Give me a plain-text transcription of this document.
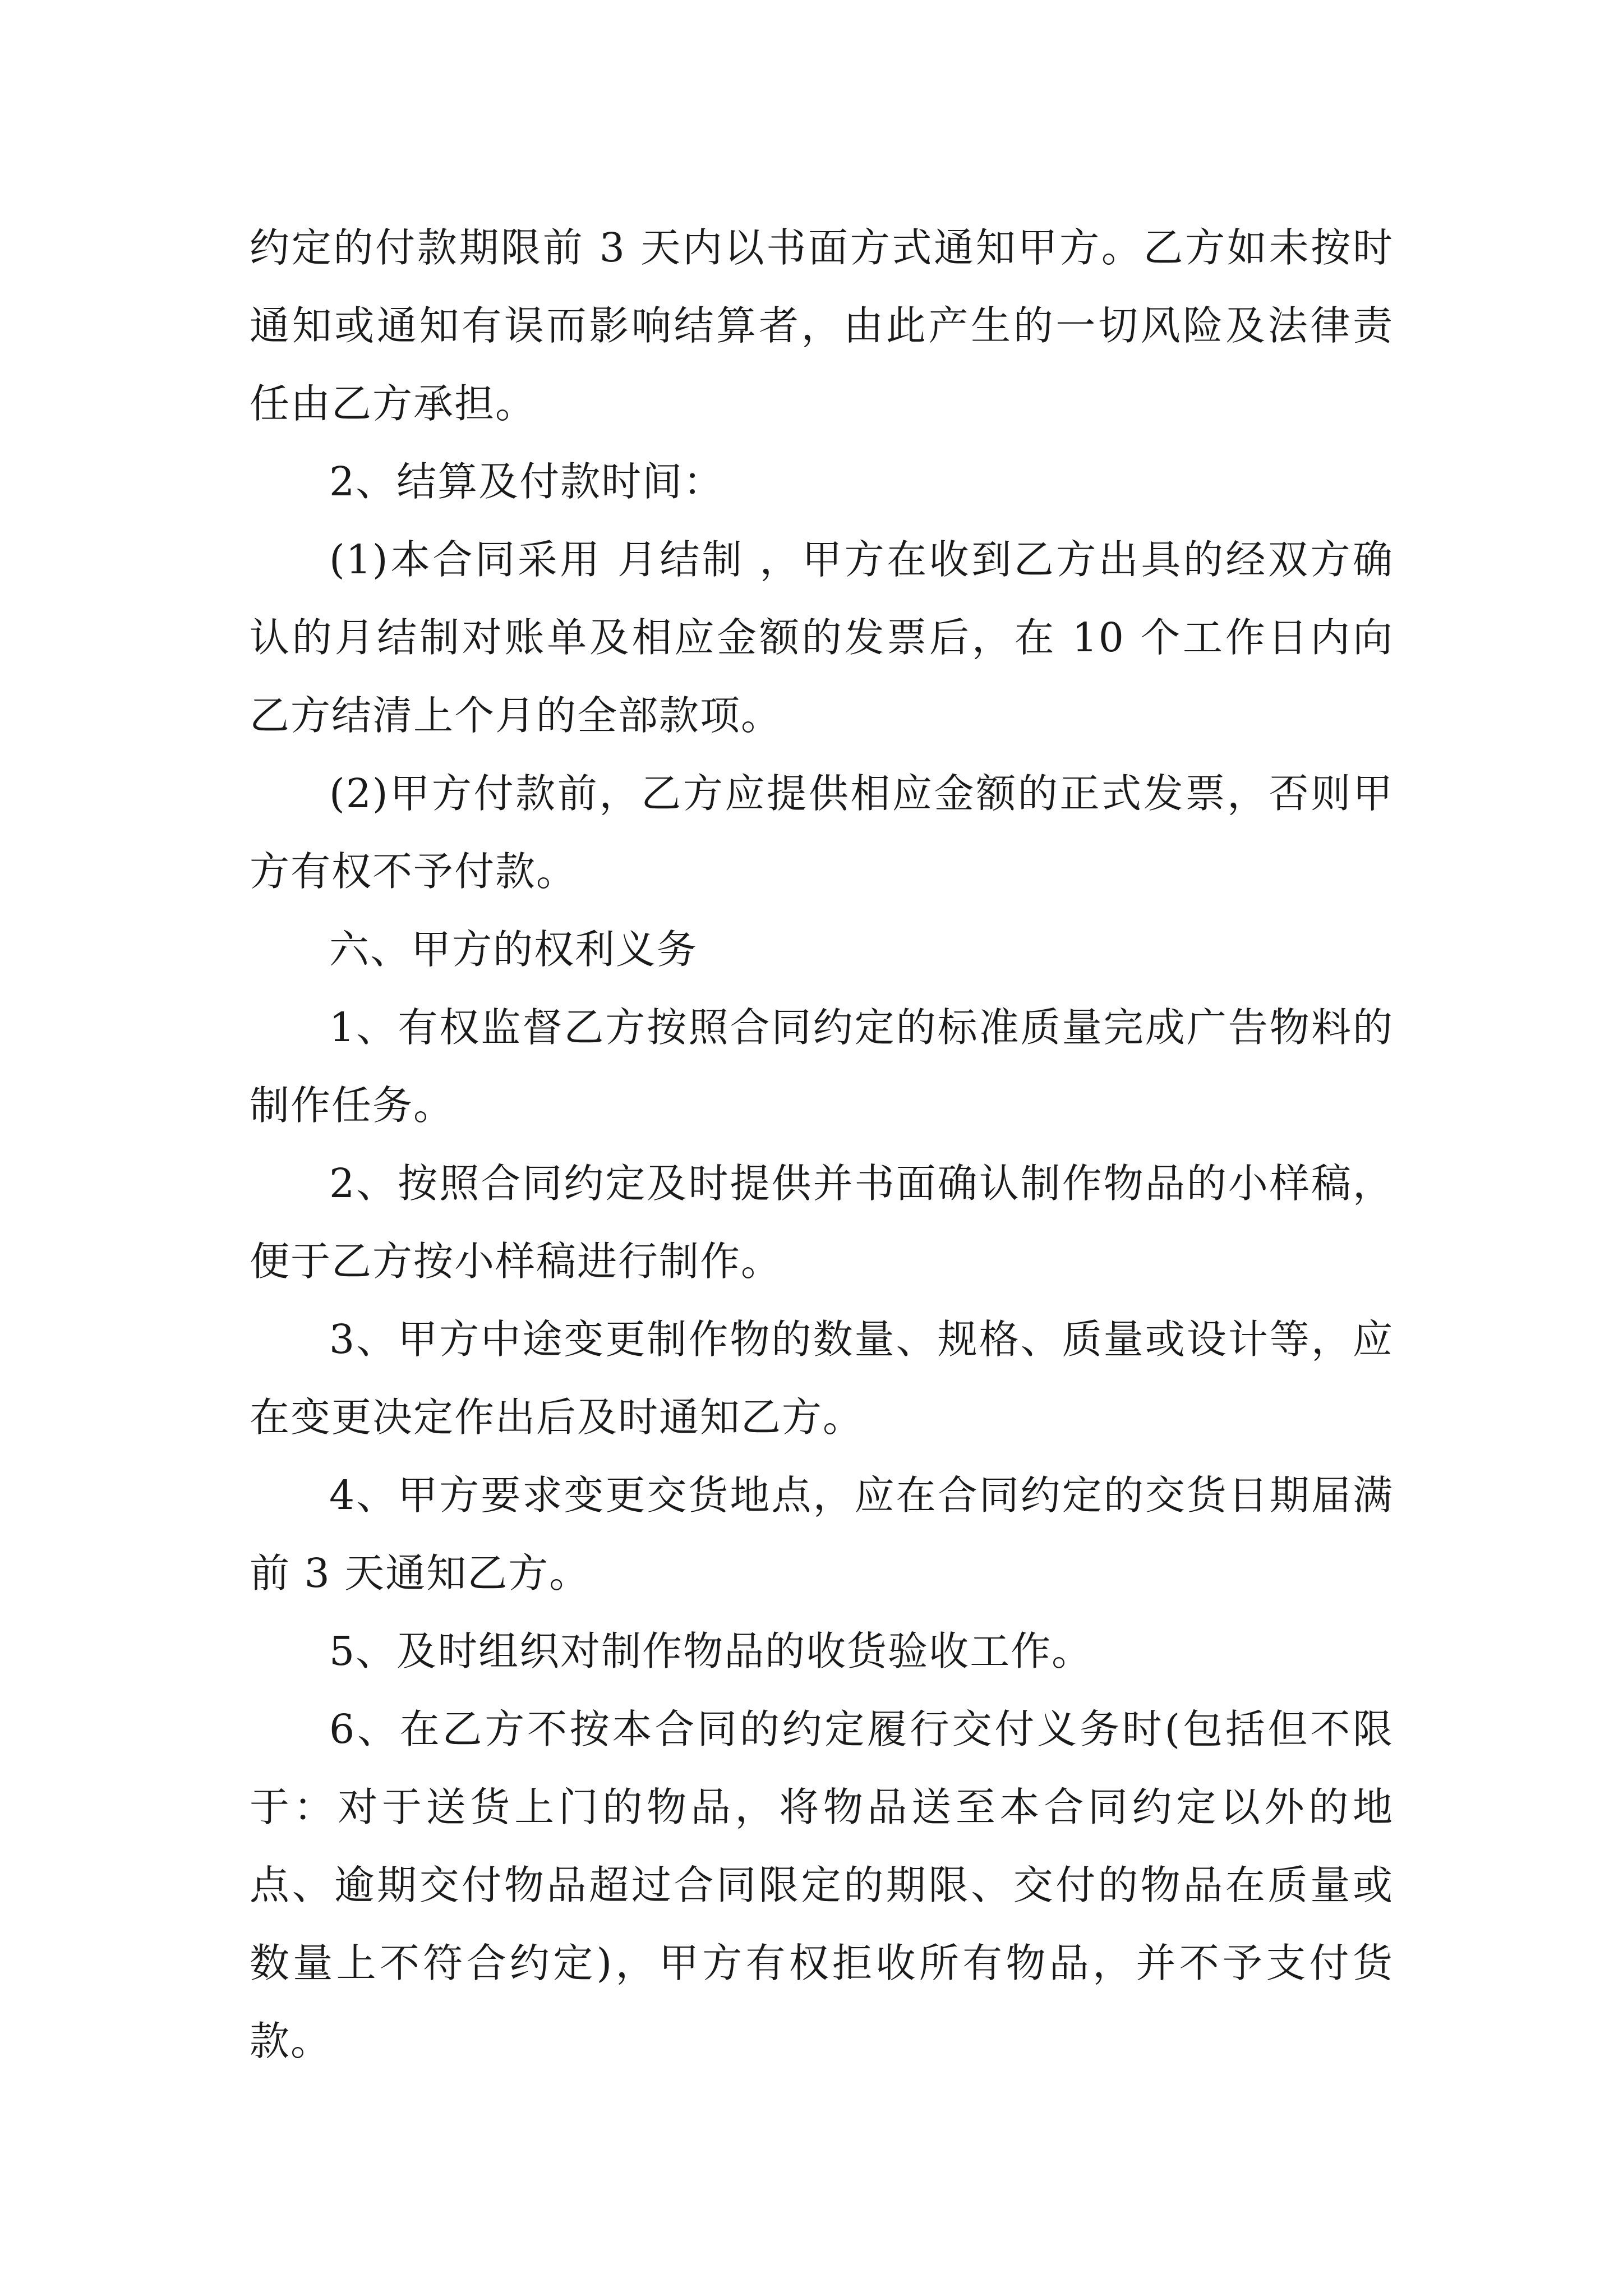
约定的付款期限前 3 天内以书面方式通知甲方。乙方如未按时通知或通知有误而影响结算者，由此产生的一切风险及法律责任由乙方承担。

2、结算及付款时间：

(1)本合同采用 月结制 ，甲方在收到乙方出具的经双方确认的月结制对账单及相应金额的发票后，在 10 个工作日内向乙方结清上个月的全部款项。

(2)甲方付款前，乙方应提供相应金额的正式发票，否则甲方有权不予付款。

六、甲方的权利义务

1、有权监督乙方按照合同约定的标准质量完成广告物料的制作任务。

2、按照合同约定及时提供并书面确认制作物品的小样稿，便于乙方按小样稿进行制作。

3、甲方中途变更制作物的数量、规格、质量或设计等，应在变更决定作出后及时通知乙方。

4、甲方要求变更交货地点，应在合同约定的交货日期届满前 3 天通知乙方。

5、及时组织对制作物品的收货验收工作。

6、在乙方不按本合同的约定履行交付义务时(包括但不限于：对于送货上门的物品，将物品送至本合同约定以外的地点、逾期交付物品超过合同限定的期限、交付的物品在质量或数量上不符合约定)，甲方有权拒收所有物品，并不予支付货款。
